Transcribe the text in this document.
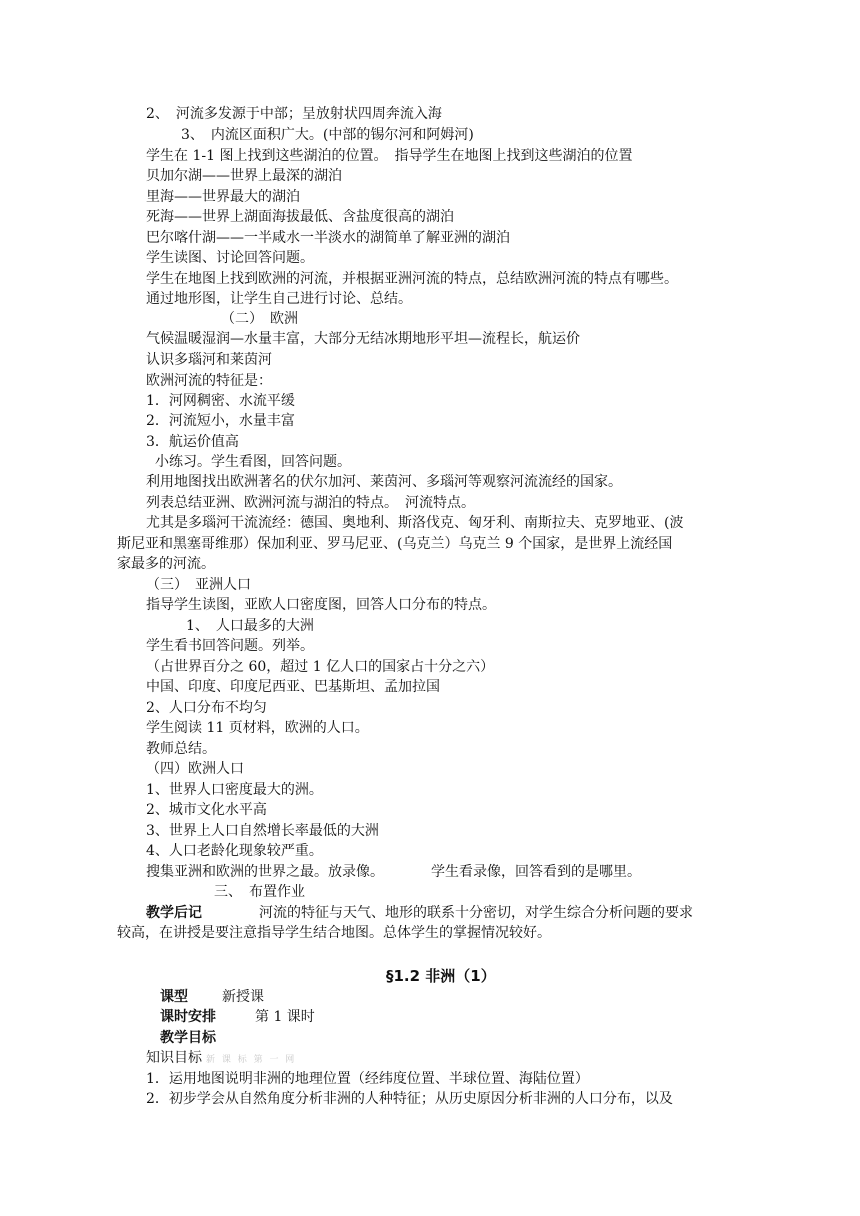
2、　河流多发源于中部；呈放射状四周奔流入海
3、　内流区面积广大。(中部的锡尔河和阿姆河)
学生在 1-1 图上找到这些湖泊的位置。　指导学生在地图上找到这些湖泊的位置
贝加尔湖——世界上最深的湖泊
里海——世界最大的湖泊
死海——世界上湖面海拔最低、含盐度很高的湖泊
巴尔喀什湖——一半咸水一半淡水的湖简单了解亚洲的湖泊
学生读图、讨论回答问题。
学生在地图上找到欧洲的河流，并根据亚洲河流的特点，总结欧洲河流的特点有哪些。
通过地形图，让学生自己进行讨论、总结。
（二）　欧洲
气候温暖湿润—水量丰富，大部分无结冰期地形平坦—流程长，航运价
认识多瑙河和莱茵河
欧洲河流的特征是：
1．河网稠密、水流平缓
2．河流短小，水量丰富
3．航运价值高
小练习。学生看图，回答问题。
利用地图找出欧洲著名的伏尔加河、莱茵河、多瑙河等观察河流流经的国家。
列表总结亚洲、欧洲河流与湖泊的特点。　河流特点。
尤其是多瑙河干流流经：德国、奥地利、斯洛伐克、匈牙利、南斯拉夫、克罗地亚、(波
斯尼亚和黑塞哥维那）保加利亚、罗马尼亚、(乌克兰）乌克兰 9 个国家，是世界上流经国
家最多的河流。
（三）　亚洲人口
指导学生读图，亚欧人口密度图，回答人口分布的特点。
1、　人口最多的大洲
学生看书回答问题。列举。
（占世界百分之 60，超过 1 亿人口的国家占十分之六）
中国、印度、印度尼西亚、巴基斯坦、孟加拉国
2、人口分布不均匀
学生阅读 11 页材料，欧洲的人口。
教师总结。
（四）欧洲人口
1、世界人口密度最大的洲。
2、城市文化水平高
3、世界上人口自然增长率最低的大洲
4、人口老龄化现象较严重。
搜集亚洲和欧洲的世界之最。放录像。	学生看录像，回答看到的是哪里。
三、　布置作业
教学后记	河流的特征与天气、地形的联系十分密切，对学生综合分析问题的要求
较高，在讲授是要注意指导学生结合地图。总体学生的掌握情况较好。
§1.2 非洲（1）
课型 新授课
课时安排	第 1 课时
教学目标
知识目标 新 课 标 第 一 网
1．运用地图说明非洲的地理位置（经纬度位置、半球位置、海陆位置）
2．初步学会从自然角度分析非洲的人种特征；从历史原因分析非洲的人口分布，以及
